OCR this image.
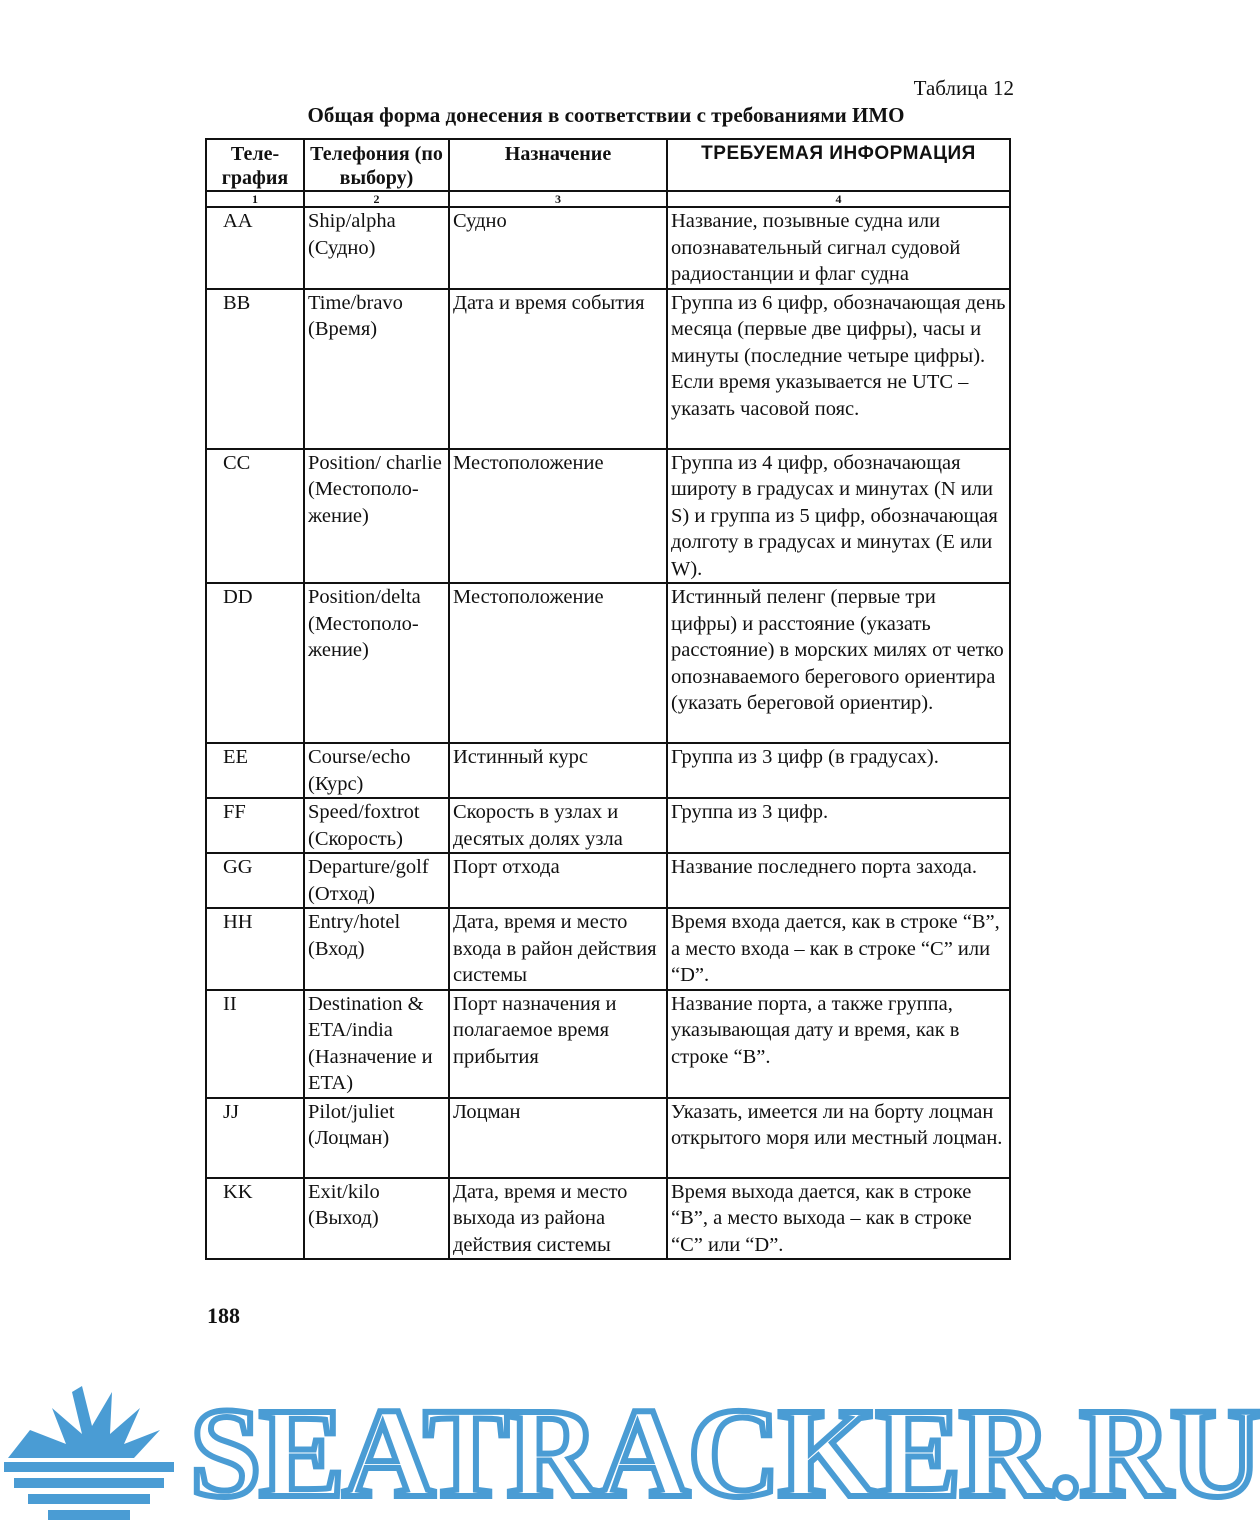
Таблица 12
Общая форма донесения в соответствии с требованиями ИМО
Теле-графия	Телефония (по выбору)	Назначение	ТРЕБУЕМАЯ ИНФОРМАЦИЯ
1	2	3	4
AA	Ship/alpha (Судно)	Судно	Название, позывные судна или опознавательный сигнал судовой радиостанции и флаг судна
BB	Time/bravo (Время)	Дата и время события	Группа из 6 цифр, обозначающая день месяца (первые две цифры), часы и минуты (последние четыре цифры). Если время указывается не UTC – указать часовой пояс.
CC	Position/ charlie (Местополо-жение)	Местоположение	Группа из 4 цифр, обозначающая широту в градусах и минутах (N или S) и группа из 5 цифр, обозначающая долготу в градусах и минутах (E или W).
DD	Position/delta (Местополо-жение)	Местоположение	Истинный пеленг (первые три цифры) и расстояние (указать расстояние) в морских милях от четко опознаваемого берегового ориентира (указать береговой ориентир).
EE	Course/echo (Курс)	Истинный курс	Группа из 3 цифр (в градусах).
FF	Speed/foxtrot (Скорость)	Скорость в узлах и десятых долях узла	Группа из 3 цифр.
GG	Departure/golf (Отход)	Порт отхода	Название последнего порта захода.
HH	Entry/hotel (Вход)	Дата, время и место входа в район действия системы	Время входа дается, как в строке “B”, а место входа – как в строке “C” или “D”.
II	Destination & ETA/india (Назначение и ETA)	Порт назначения и полагаемое время прибытия	Название порта, а также группа, указывающая дату и время, как в строке “B”.
JJ	Pilot/juliet (Лоцман)	Лоцман	Указать, имеется ли на борту лоцман открытого моря или местный лоцман.
KK	Exit/kilo (Выход)	Дата, время и место выхода из района действия системы	Время выхода дается, как в строке “B”, а место выхода – как в строке “C” или “D”.
188
SEATRACKER.RU
